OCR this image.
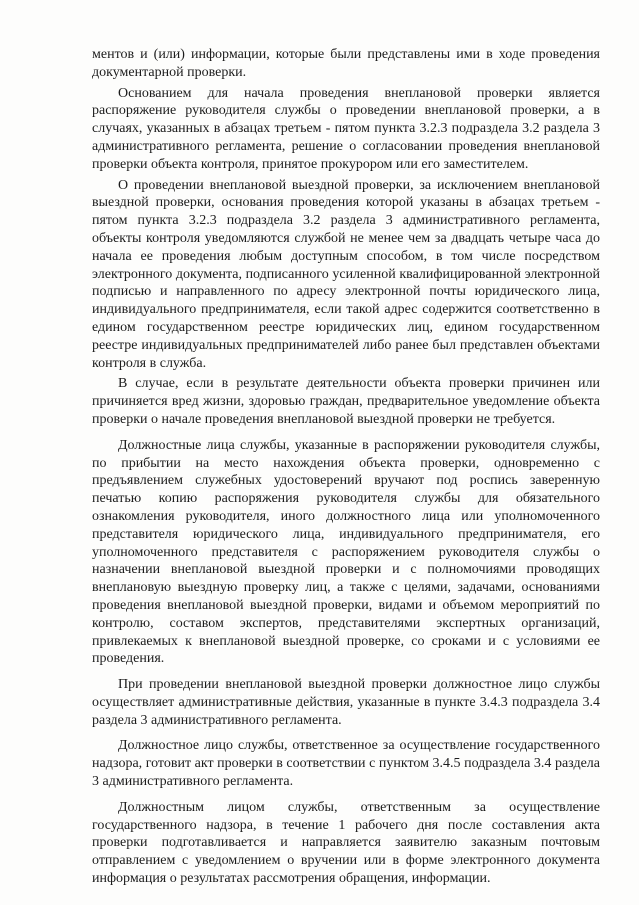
ментов и (или) информации, которые были представлены ими в ходе проведения документарной проверки.

Основанием для начала проведения внеплановой проверки является распоряжение руководителя службы о проведении внеплановой проверки, а в случаях, указанных в абзацах третьем - пятом пункта 3.2.3 подраздела 3.2 раздела 3 административного регламента, решение о согласовании проведения внеплановой проверки объекта контроля, принятое прокурором или его заместителем.

О проведении внеплановой выездной проверки, за исключением внеплановой выездной проверки, основания проведения которой указаны в абзацах третьем - пятом пункта 3.2.3 подраздела 3.2 раздела 3 административного регламента, объекты контроля уведомляются службой не менее чем за двадцать четыре часа до начала ее проведения любым доступным способом, в том числе посредством электронного документа, подписанного усиленной квалифицированной электронной подписью и направленного по адресу электронной почты юридического лица, индивидуального предпринимателя, если такой адрес содержится соответственно в едином государственном реестре юридических лиц, едином государственном реестре индивидуальных предпринимателей либо ранее был представлен объектами контроля в служба.

В случае, если в результате деятельности объекта проверки причинен или причиняется вред жизни, здоровью граждан, предварительное уведомление объекта проверки о начале проведения внеплановой выездной проверки не требуется.

Должностные лица службы, указанные в распоряжении руководителя службы, по прибытии на место нахождения объекта проверки, одновременно с предъявлением служебных удостоверений вручают под роспись заверенную печатью копию распоряжения руководителя службы для обязательного ознакомления руководителя, иного должностного лица или уполномоченного представителя юридического лица, индивидуального предпринимателя, его уполномоченного представителя с распоряжением руководителя службы о назначении внеплановой выездной проверки и с полномочиями проводящих внеплановую выездную проверку лиц, а также с целями, задачами, основаниями проведения внеплановой выездной проверки, видами и объемом мероприятий по контролю, составом экспертов, представителями экспертных организаций, привлекаемых к внеплановой выездной проверке, со сроками и с условиями ее проведения.

При проведении внеплановой выездной проверки должностное лицо службы осуществляет административные действия, указанные в пункте 3.4.3 подраздела 3.4 раздела 3 административного регламента.

Должностное лицо службы, ответственное за осуществление государственного надзора, готовит акт проверки в соответствии с пунктом 3.4.5 подраздела 3.4 раздела 3 административного регламента.

Должностным лицом службы, ответственным за осуществление государственного надзора, в течение 1 рабочего дня после составления акта проверки подготавливается и направляется заявителю заказным почтовым отправлением с уведомлением о вручении или в форме электронного документа информация о результатах рассмотрения обращения, информации.
